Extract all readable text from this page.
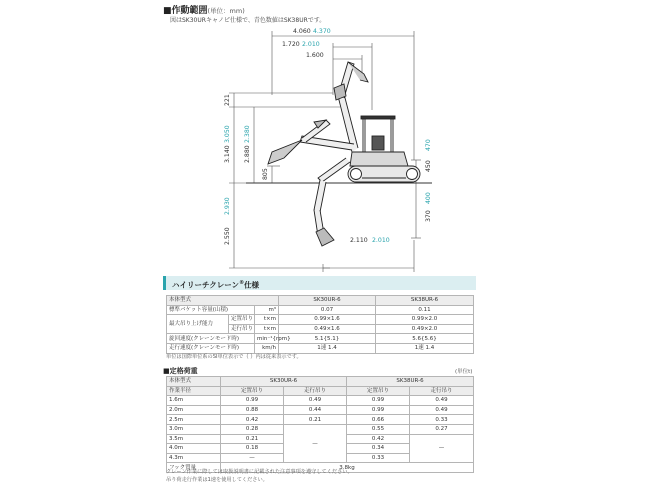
■作動範囲(単位：mm)
図はSK30URキャノピ仕様で、青色数値はSK38URです。
4.060 4.370
1.720 2.010
1.600
2.110 2.010
221
3.140
3.050
2.880
2.380
805
2.550
2.930
450
470
370
400
ハイリーチクレーン®仕様
本体型式			SK30UR-6	SK38UR-6
標準バケット容量(山積)		m³	0.07	0.11
最大吊り上げ能力	定置吊り	t×m	0.99×1.6	0.99×2.0
	走行吊り	t×m	0.49×1.6	0.49×2.0
旋回速度(クレーンモード時)		min⁻¹{rpm}	5.1{5.1}	5.6{5.6}
走行速度(クレーンモード時)		km/h	1速 1.4	1速 1.4
単位は国際単位系のSI単位表示で｛ ｝内は従来表示です。
■定格荷重	(単位t)
本体型式	SK30UR-6		SK38UR-6	
作業半径	定置吊り	走行吊り	定置吊り	走行吊り
1.6m	0.99	0.49	0.99	0.49
2.0m	0.88	0.44	0.99	0.49
2.5m	0.42	0.21	0.66	0.33
3.0m	0.28	—	0.55	0.27
3.5m	0.21		0.42	—
4.0m	0.18		0.34	
4.3m	—		0.33	
フック質量	3.8kg			
クレーン作業に際しては取扱説明書に記載された注意事項を遵守してください。
吊り荷走行作業は1速を使用してください。
